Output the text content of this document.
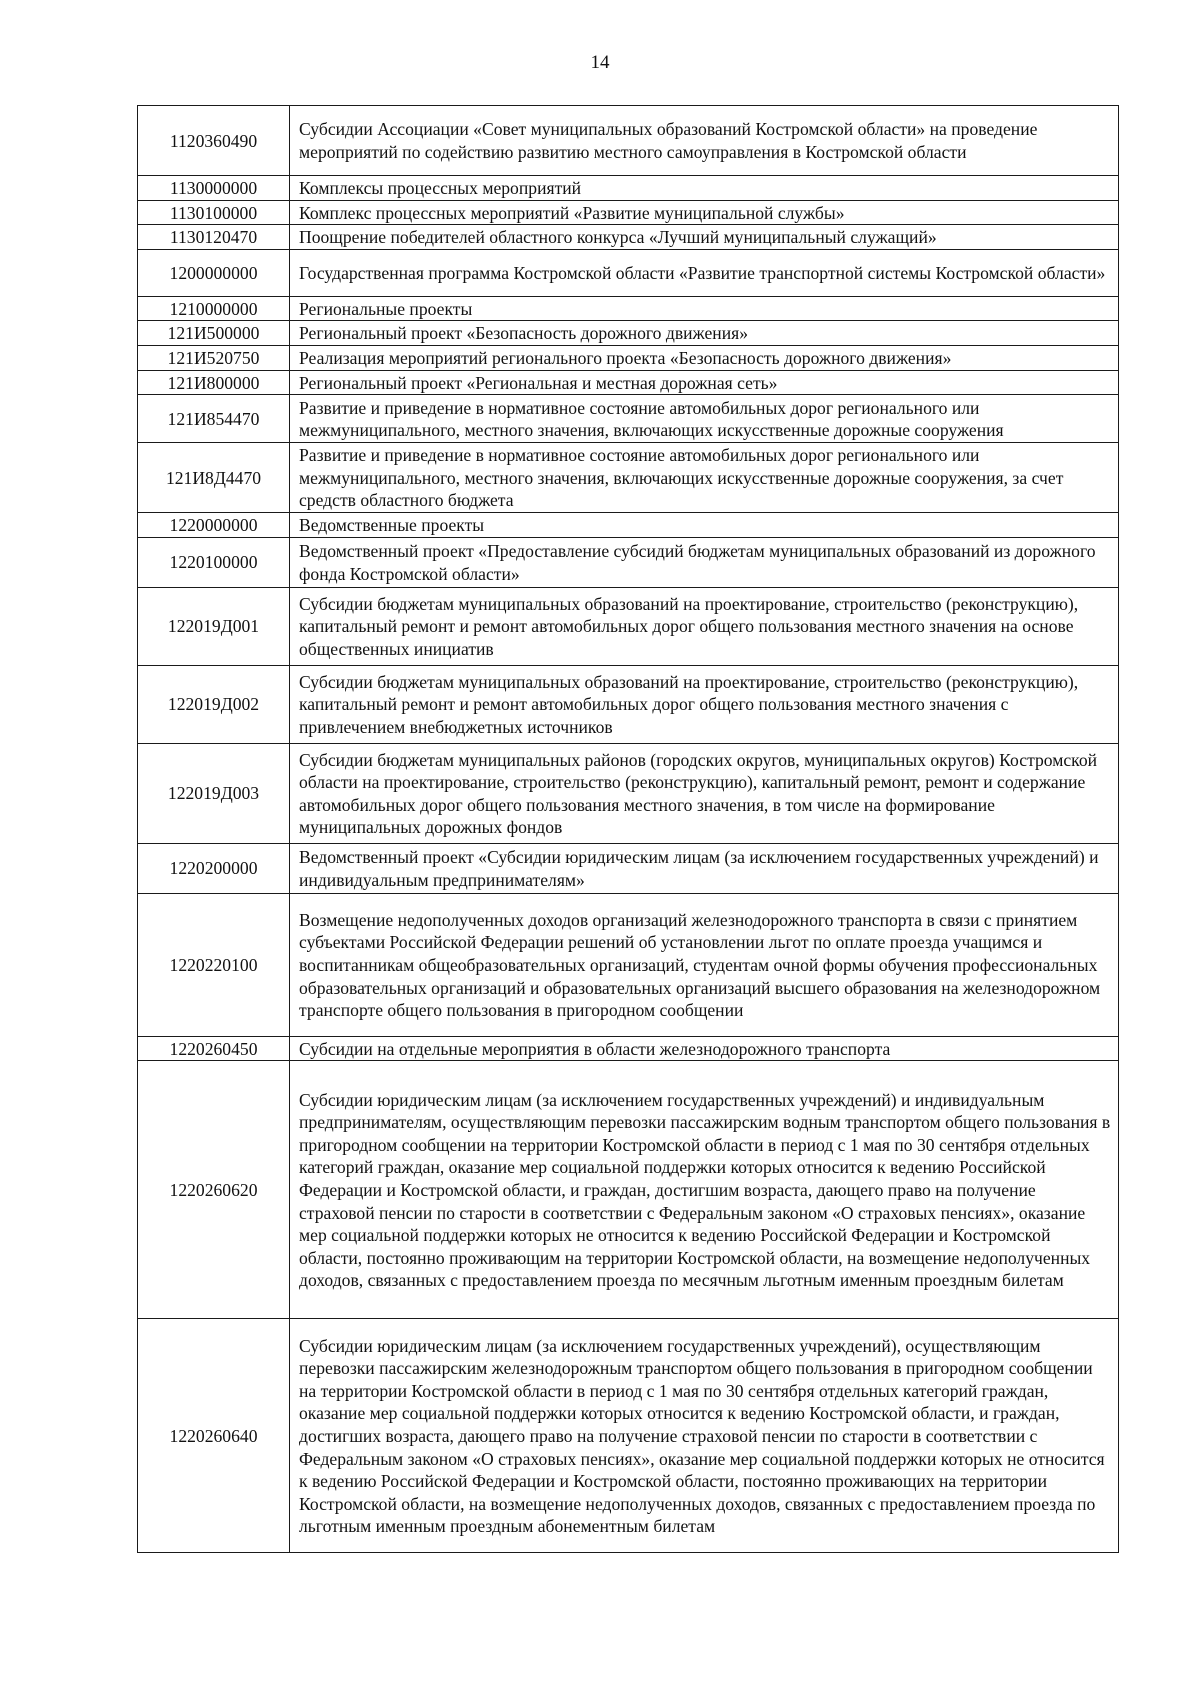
14
1120360490	Субсидии Ассоциации «Совет муниципальных образований Костромской области» на проведение мероприятий по содействию развитию местного самоуправления в Костромской области
1130000000	Комплексы процессных мероприятий
1130100000	Комплекс процессных мероприятий «Развитие муниципальной службы»
1130120470	Поощрение победителей областного конкурса «Лучший муниципальный служащий»
1200000000	Государственная программа Костромской области «Развитие транспортной системы Костромской области»
1210000000	Региональные проекты
121И500000	Региональный проект «Безопасность дорожного движения»
121И520750	Реализация мероприятий регионального проекта «Безопасность дорожного движения»
121И800000	Региональный проект «Региональная и местная дорожная сеть»
121И854470	Развитие и приведение в нормативное состояние автомобильных дорог регионального или межмуниципального, местного значения, включающих искусственные дорожные сооружения
121И8Д4470	Развитие и приведение в нормативное состояние автомобильных дорог регионального или межмуниципального, местного значения, включающих искусственные дорожные сооружения, за счет средств областного бюджета
1220000000	Ведомственные проекты
1220100000	Ведомственный проект «Предоставление субсидий бюджетам муниципальных образований из дорожного фонда Костромской области»
122019Д001	Субсидии бюджетам муниципальных образований на проектирование, строительство (реконструкцию), капитальный ремонт и ремонт автомобильных дорог общего пользования местного значения на основе общественных инициатив
122019Д002	Субсидии бюджетам муниципальных образований на проектирование, строительство (реконструкцию), капитальный ремонт и ремонт автомобильных дорог общего пользования местного значения с привлечением внебюджетных источников
122019Д003	Субсидии бюджетам муниципальных районов (городских округов, муниципальных округов) Костромской области на проектирование, строительство (реконструкцию), капитальный ремонт, ремонт и содержание автомобильных дорог общего пользования местного значения, в том числе на формирование муниципальных дорожных фондов
1220200000	Ведомственный проект «Субсидии юридическим лицам (за исключением государственных учреждений) и индивидуальным предпринимателям»
1220220100	Возмещение недополученных доходов организаций железнодорожного транспорта в связи с принятием субъектами Российской Федерации решений об установлении льгот по оплате проезда учащимся и воспитанникам общеобразовательных организаций, студентам очной формы обучения профессиональных образовательных организаций и образовательных организаций высшего образования на железнодорожном транспорте общего пользования в пригородном сообщении
1220260450	Субсидии на отдельные мероприятия в области железнодорожного транспорта
1220260620	Субсидии юридическим лицам (за исключением государственных учреждений) и индивидуальным предпринимателям, осуществляющим перевозки пассажирским водным транспортом общего пользования в пригородном сообщении на территории Костромской области в период с 1 мая по 30 сентября отдельных категорий граждан, оказание мер социальной поддержки которых относится к ведению Российской Федерации и Костромской области, и граждан, достигшим возраста, дающего право на получение страховой пенсии по старости в соответствии с Федеральным законом «О страховых пенсиях», оказание мер социальной поддержки которых не относится к ведению Российской Федерации и Костромской области, постоянно проживающим на территории Костромской области, на возмещение недополученных доходов, связанных с предоставлением проезда по месячным льготным именным проездным билетам
1220260640	Субсидии юридическим лицам (за исключением государственных учреждений), осуществляющим перевозки пассажирским железнодорожным транспортом общего пользования в пригородном сообщении на территории Костромской области в период с 1 мая по 30 сентября отдельных категорий граждан, оказание мер социальной поддержки которых относится к ведению Костромской области, и граждан, достигших возраста, дающего право на получение страховой пенсии по старости в соответствии с Федеральным законом «О страховых пенсиях», оказание мер социальной поддержки которых не относится к ведению Российской Федерации и Костромской области, постоянно проживающих на территории Костромской области, на возмещение недополученных доходов, связанных с предоставлением проезда по льготным именным проездным абонементным билетам
